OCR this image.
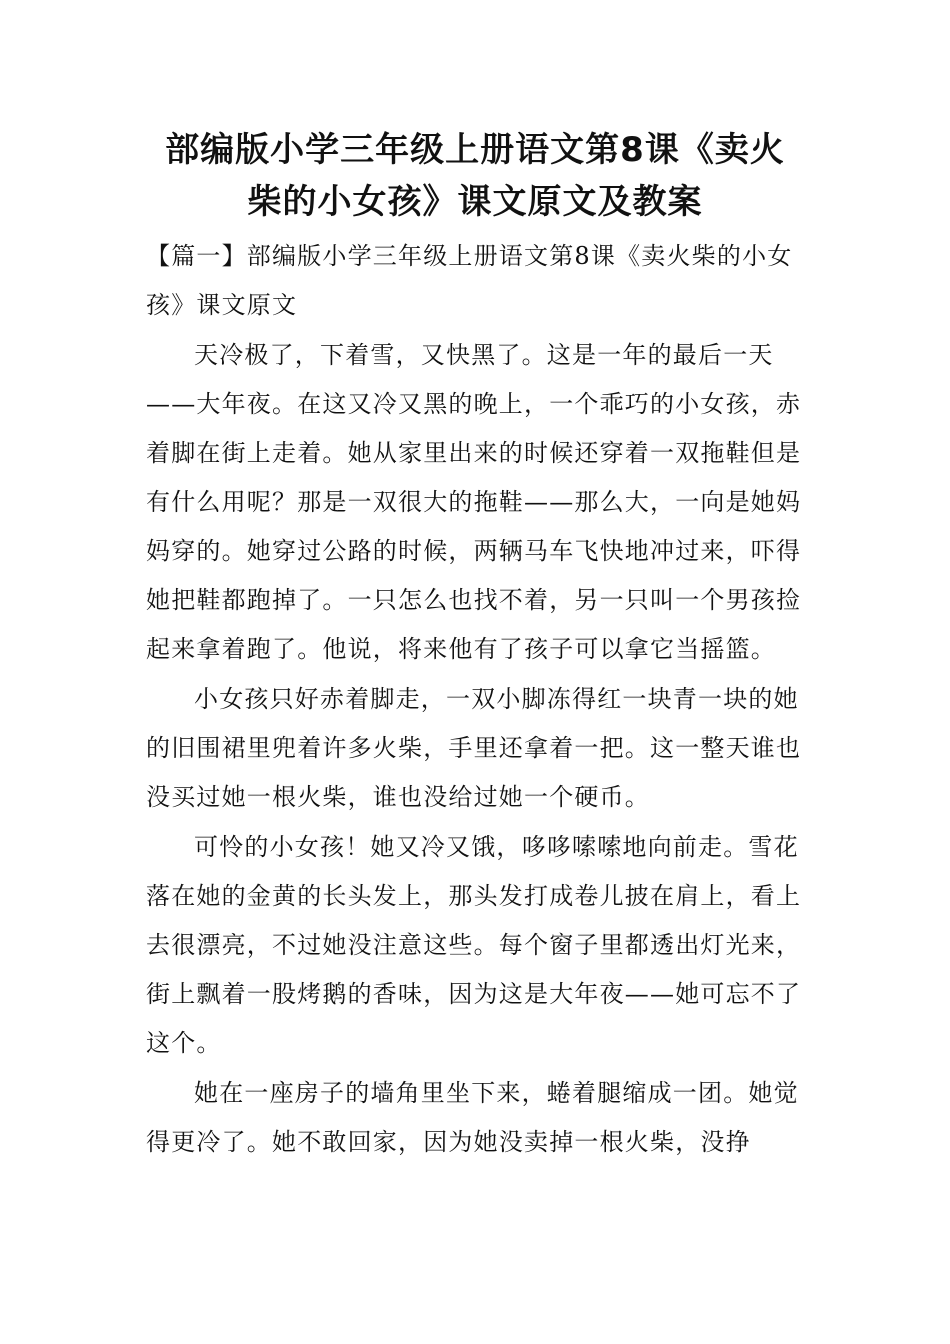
部编版小学三年级上册语文第8课《卖火
柴的小女孩》课文原文及教案

【篇一】部编版小学三年级上册语文第8课《卖火柴的小女孩》课文原文

天冷极了，下着雪，又快黑了。这是一年的最后一天——大年夜。在这又冷又黑的晚上，一个乖巧的小女孩，赤着脚在街上走着。她从家里出来的时候还穿着一双拖鞋但是有什么用呢？那是一双很大的拖鞋——那么大，一向是她妈妈穿的。她穿过公路的时候，两辆马车飞快地冲过来，吓得她把鞋都跑掉了。一只怎么也找不着，另一只叫一个男孩捡起来拿着跑了。他说，将来他有了孩子可以拿它当摇篮。

小女孩只好赤着脚走，一双小脚冻得红一块青一块的她的旧围裙里兜着许多火柴，手里还拿着一把。这一整天谁也没买过她一根火柴，谁也没给过她一个硬币。

可怜的小女孩！她又冷又饿，哆哆嗦嗦地向前走。雪花落在她的金黄的长头发上，那头发打成卷儿披在肩上，看上去很漂亮，不过她没注意这些。每个窗子里都透出灯光来，街上飘着一股烤鹅的香味，因为这是大年夜——她可忘不了这个。

她在一座房子的墙角里坐下来，蜷着腿缩成一团。她觉得更冷了。她不敢回家，因为她没卖掉一根火柴，没挣
